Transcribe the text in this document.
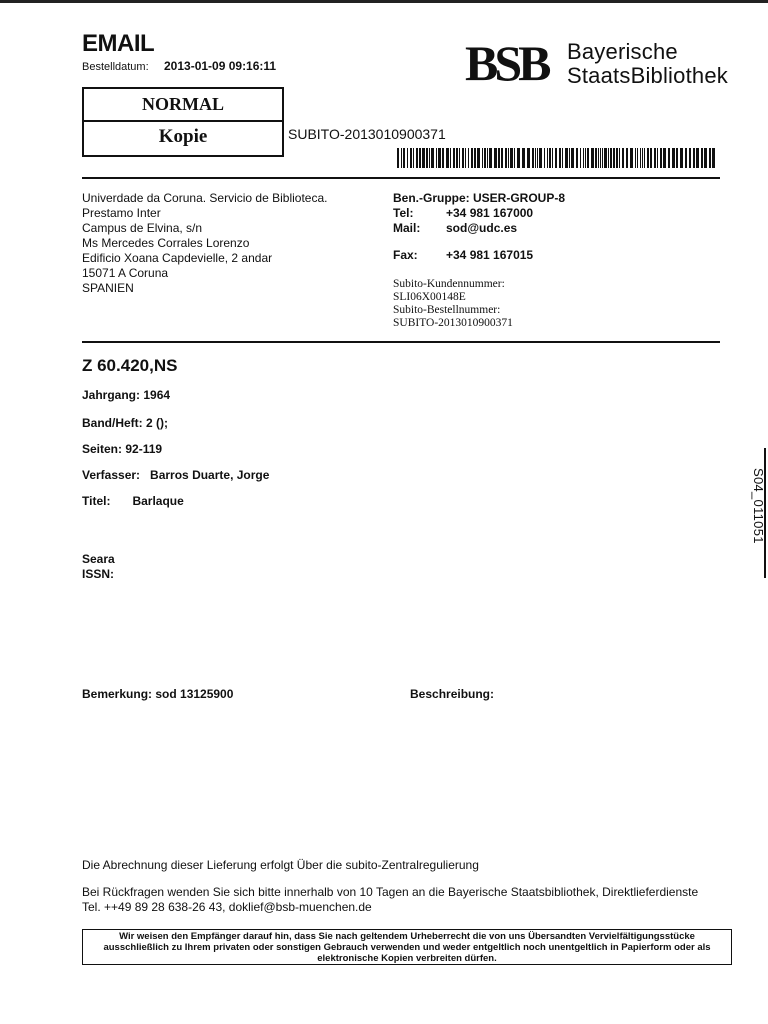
EMAIL
Bestelldatum: 2013-01-09 09:16:11	BSB Bayerische
StaatsBibliothek
NORMAL
Kopie	SUBITO-2013010900371
Univerdade da Coruna. Servicio de Biblioteca.
Prestamo Inter
Campus de Elvina, s/n
Ms Mercedes Corrales Lorenzo
Edificio Xoana Capdevielle, 2 andar
15071 A Coruna
SPANIEN
Ben.-Gruppe: USER-GROUP-8
Tel:	+34 981 167000
Mail: sod@udc.es
Fax: +34 981 167015
Subito-Kundennummer:
SLI06X00148E
Subito-Bestellnummer:
SUBITO-2013010900371
Z 60.420,NS
Jahrgang: 1964
Band/Heft: 2 ();
Seiten: 92-119
Verfasser: Barros Duarte, Jorge
Titel: Barlaque
Seara
ISSN:
Bemerkung: sod 13125900	Beschreibung:
Die Abrechnung dieser Lieferung erfolgt Über die subito-Zentralregulierung
Bei Rückfragen wenden Sie sich bitte innerhalb von 10 Tagen an die Bayerische Staatsbibliothek, Direktlieferdienste
Tel. ++49 89 28 638-26 43, doklief@bsb-muenchen.de
Wir weisen den Empfänger darauf hin, dass Sie nach geltendem Urheberrecht die von uns Übersandten Vervielfältigungsstücke
ausschließlich zu Ihrem privaten oder sonstigen Gebrauch verwenden und weder entgeltlich noch unentgeltlich in Papierform oder als
elektronische Kopien verbreiten dürfen.
S04_011051
